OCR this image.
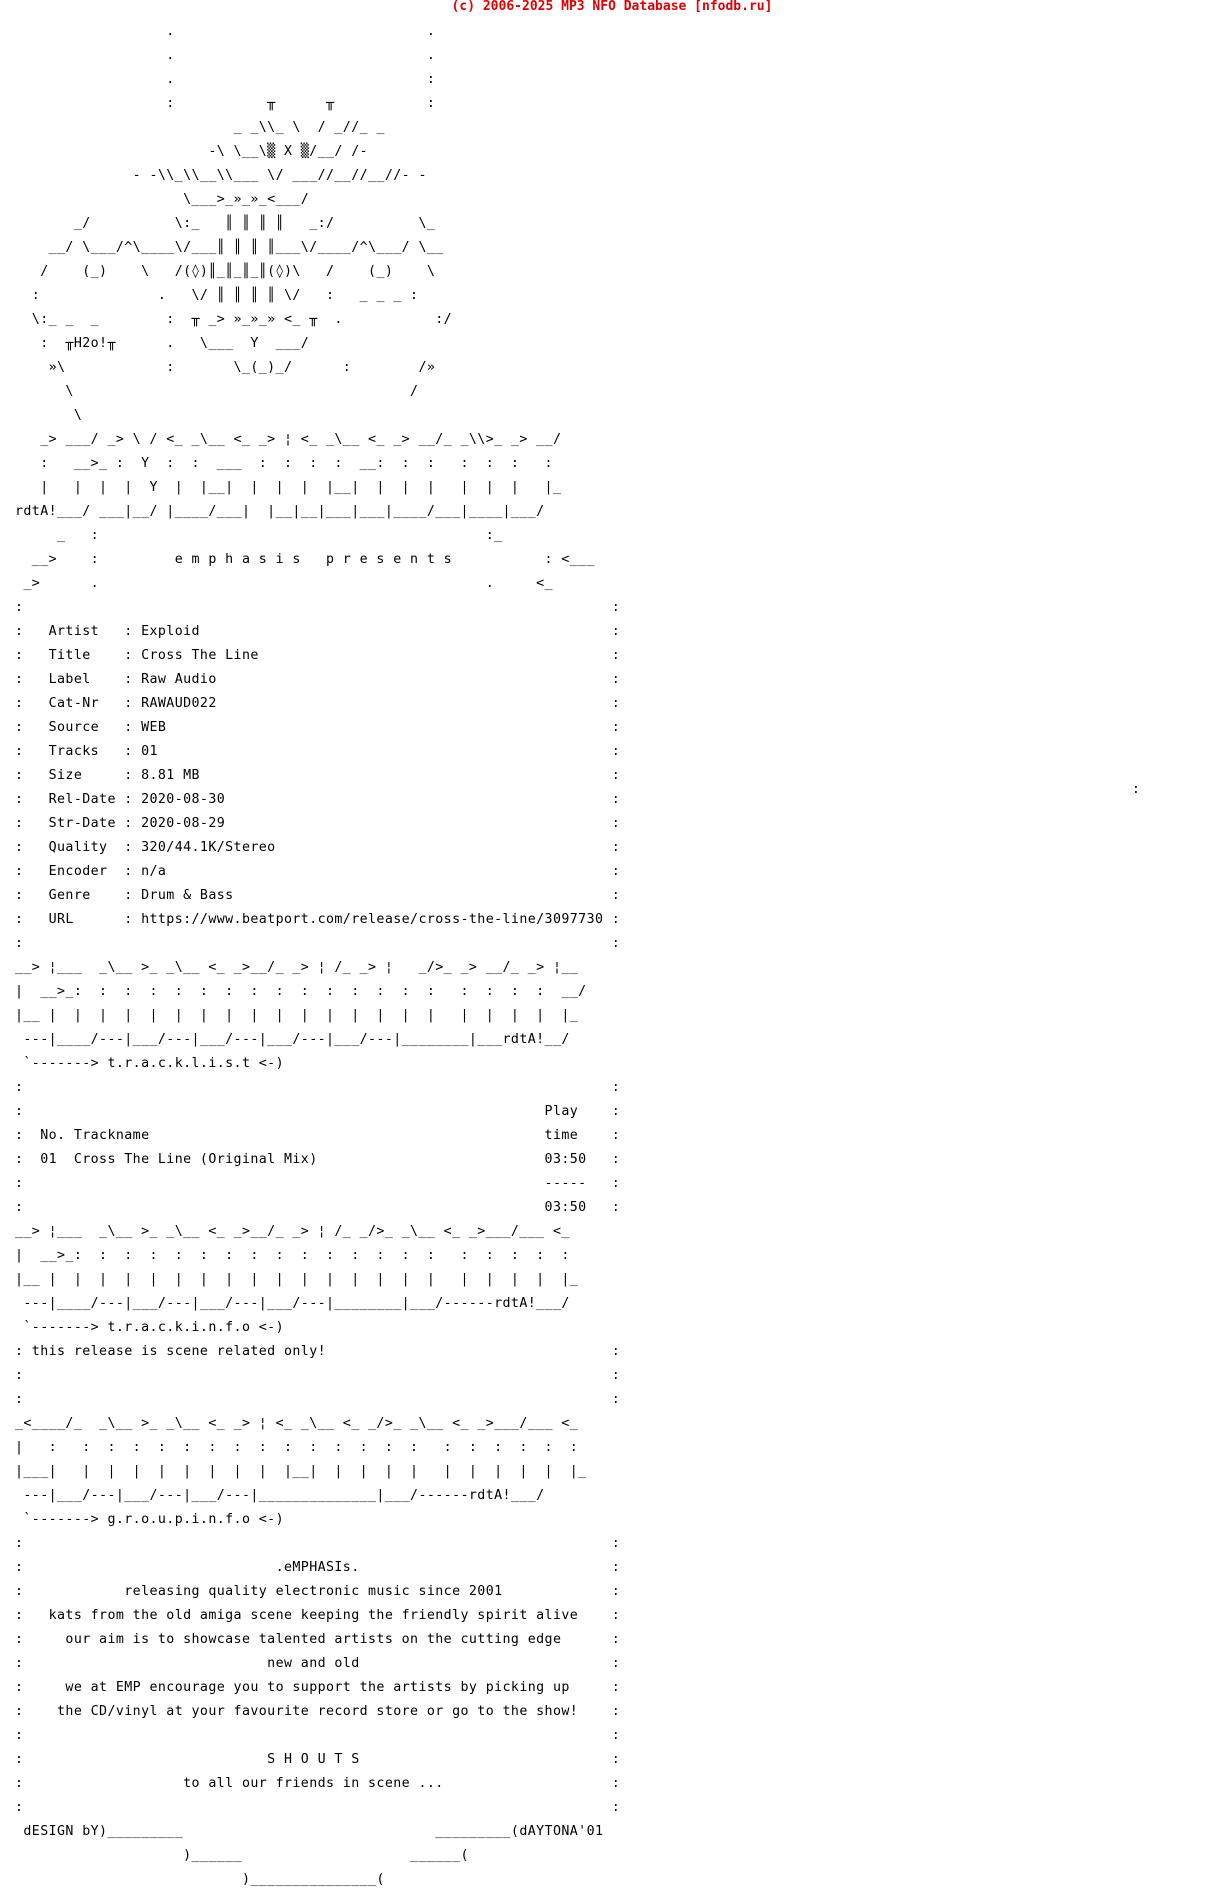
(c) 2006-2025 MP3 NFO Database [nfodb.ru]
.                              .
.                              .
.                              :
:           ╥      ╥           :
_ _\\_ \  / _//_ _
-\ \__\▒ X ▒/__/ /-
- -\\_\\__\\___ \/ ___//__//__//- -
\___>_»_»_<___/
_/          \:_   ║ ║ ║ ║   _:/          \_
__/ \___/^\____\/___║ ║ ║ ║___\/____/^\___/ \__
/    (_)    \   /(◊)║_║_║_║(◊)\   /    (_)    \
:              .   \/ ║ ║ ║ ║ \/   :   _ _ _ :
\:_ _  _        :  ╥ _> »_»_» <_ ╥  .           :/
:  ╥H2o!╥      .   \___  Y  ___/
»\            :       \_(_)_/      :        /»
\                                        /
\
_> ___/ _> \ / <_ _\__ <_ _> ¦ <_ _\__ <_ _> __/_ _\\>_ _> __/
:   __>_ :  Y  :  :  ___  :  :  :  :  __:  :  :   :  :  :   :
|   |  |  |  Y  |  |__|  |  |  |  |__|  |  |  |   |  |  |   |_
rdtA!___/ ___|__/ |____/___|  |__|__|___|___|____/___|____|___/
_   :                                              :_
__>    :         e m p h a s i s   p r e s e n t s           : <___
_>      .                                              .     <_
:                                                                      :
:   Artist   : Exploid                                                 :
:   Title    : Cross The Line                                          :
:   Label    : Raw Audio                                               :
:   Cat-Nr   : RAWAUD022                                               :
:   Source   : WEB                                                     :
:   Tracks   : 01                                                      :
:   Size     : 8.81 MB                                                 :
:   Rel-Date : 2020-08-30                                              :
:   Str-Date : 2020-08-29                                              :
:   Quality  : 320/44.1K/Stereo                                        :
:   Encoder  : n/a                                                     :
:   Genre    : Drum & Bass                                             :
:   URL      : https://www.beatport.com/release/cross-the-line/3097730 :
:                                                                      :
__> ¦___  _\__ >_ _\__ <_ _>__/_ _> ¦ /_ _> ¦   _/>_ _> __/_ _> ¦__
|  __>_:  :  :  :  :  :  :  :  :  :  :  :  :  :  :   :  :  :  :  __/
|__ |  |  |  |  |  |  |  |  |  |  |  |  |  |  |  |   |  |  |  |  |_
---|____/---|___/---|___/---|___/---|___/---|________|___rdtA!__/
`-------> t.r.a.c.k.l.i.s.t <-)
:                                                                      :
:                                                              Play    :
:  No. Trackname                                               time    :
:  01  Cross The Line (Original Mix)                           03:50   :
:                                                              -----   :
:                                                              03:50   :
__> ¦___  _\__ >_ _\__ <_ _>__/_ _> ¦ /_ _/>_ _\__ <_ _>___/___ <_
|  __>_:  :  :  :  :  :  :  :  :  :  :  :  :  :  :   :  :  :  :  :
|__ |  |  |  |  |  |  |  |  |  |  |  |  |  |  |  |   |  |  |  |  |_
---|____/---|___/---|___/---|___/---|________|___/------rdtA!___/
`-------> t.r.a.c.k.i.n.f.o <-)
: this release is scene related only!                                  :
:                                                                      :
:                                                                      :
_<____/_  _\__ >_ _\__ <_ _> ¦ <_ _\__ <_ _/>_ _\__ <_ _>___/___ <_
|   :   :  :  :  :  :  :  :  :  :  :  :  :  :  :   :  :  :  :  :  :
|___|   |  |  |  |  |  |  |  |  |__|  |  |  |  |   |  |  |  |  |  |_
---|___/---|___/---|___/---|______________|___/------rdtA!___/
`-------> g.r.o.u.p.i.n.f.o <-)
:                                                                      :
:                              .eMPHASIs.                              :
:            releasing quality electronic music since 2001             :
:   kats from the old amiga scene keeping the friendly spirit alive    :
:     our aim is to showcase talented artists on the cutting edge      :
:                             new and old                              :
:     we at EMP encourage you to support the artists by picking up     :
:    the CD/vinyl at your favourite record store or go to the show!    :
:                                                                      :
:                             S H O U T S                              :
:                   to all our friends in scene ...                    :
:                                                                      :
dESIGN bY)_________                              _________(dAYTONA'01
)______                    ______(
)_______________(
:
